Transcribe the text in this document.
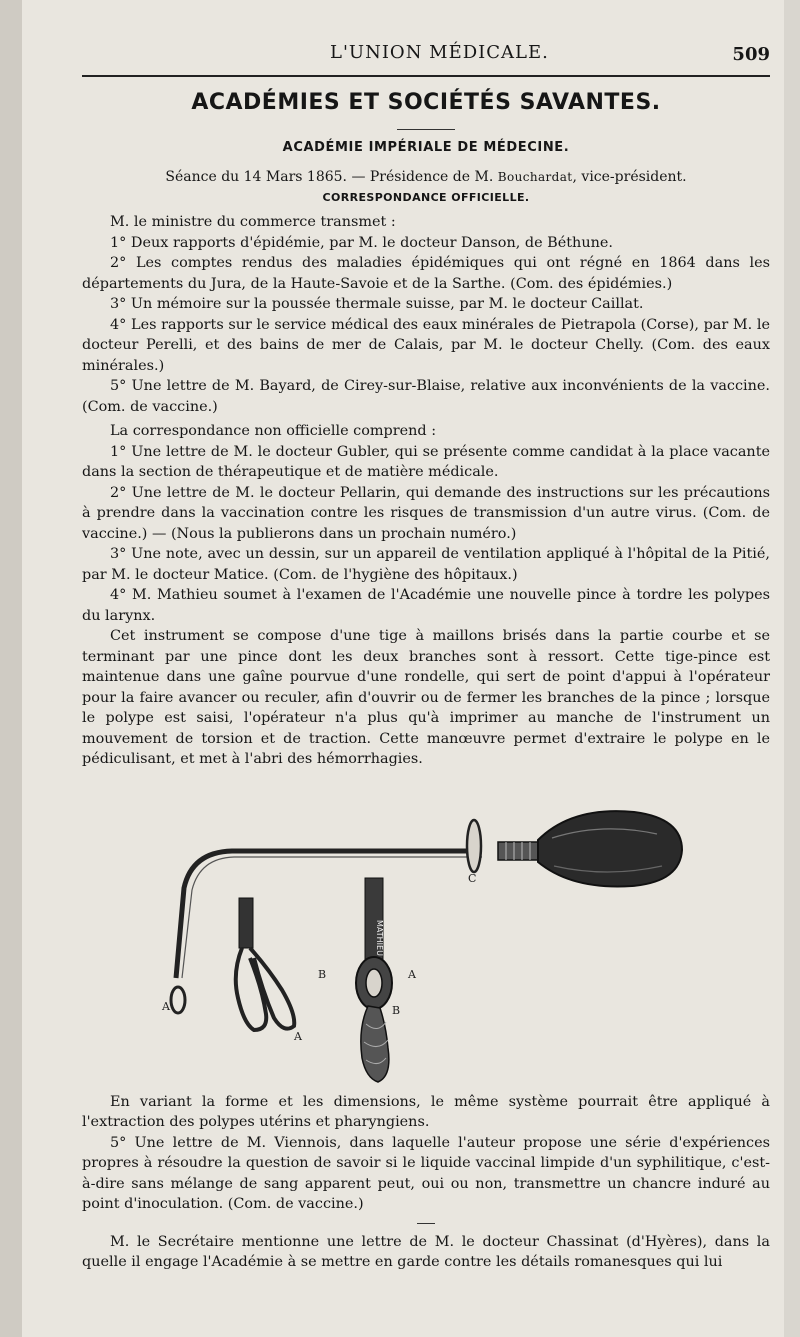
L'UNION MÉDICALE.	509
ACADÉMIES ET SOCIÉTÉS SAVANTES.
ACADÉMIE IMPÉRIALE DE MÉDECINE.
Séance du 14 Mars 1865. — Présidence de M. Bouchardat, vice-président.
CORRESPONDANCE OFFICIELLE.

M. le ministre du commerce transmet :

1° Deux rapports d'épidémie, par M. le docteur Danson, de Béthune.

2° Les comptes rendus des maladies épidémiques qui ont régné en 1864 dans les départements du Jura, de la Haute-Savoie et de la Sarthe. (Com. des épidémies.)

3° Un mémoire sur la poussée thermale suisse, par M. le docteur Caillat.

4° Les rapports sur le service médical des eaux minérales de Pietrapola (Corse), par M. le docteur Perelli, et des bains de mer de Calais, par M. le docteur Chelly. (Com. des eaux minérales.)

5° Une lettre de M. Bayard, de Cirey-sur-Blaise, relative aux inconvénients de la vaccine. (Com. de vaccine.)

La correspondance non officielle comprend :

1° Une lettre de M. le docteur Gubler, qui se présente comme candidat à la place vacante dans la section de thérapeutique et de matière médicale.

2° Une lettre de M. le docteur Pellarin, qui demande des instructions sur les précautions à prendre dans la vaccination contre les risques de transmission d'un autre virus. (Com. de vaccine.) — (Nous la publierons dans un prochain numéro.)

3° Une note, avec un dessin, sur un appareil de ventilation appliqué à l'hôpital de la Pitié, par M. le docteur Matice. (Com. de l'hygiène des hôpitaux.)

4° M. Mathieu soumet à l'examen de l'Académie une nouvelle pince à tordre les polypes du larynx.

Cet instrument se compose d'une tige à maillons brisés dans la partie courbe et se terminant par une pince dont les deux branches sont à ressort. Cette tige-pince est maintenue dans une gaîne pourvue d'une rondelle, qui sert de point d'appui à l'opérateur pour la faire avancer ou reculer, afin d'ouvrir ou de fermer les branches de la pince ; lorsque le polype est saisi, l'opérateur n'a plus qu'à imprimer au manche de l'instrument un mouvement de torsion et de traction. Cette manœuvre permet d'extraire le polype en le pédiculisant, et met à l'abri des hémorrhagies.

MATHIEU
A
B
C
A
A
B

En variant la forme et les dimensions, le même système pourrait être appliqué à l'extraction des polypes utérins et pharyngiens.

5° Une lettre de M. Viennois, dans laquelle l'auteur propose une série d'expériences propres à résoudre la question de savoir si le liquide vaccinal limpide d'un syphilitique, c'est-à-dire sans mélange de sang apparent peut, oui ou non, transmettre un chancre induré au point d'inoculation. (Com. de vaccine.)

M. le Secrétaire mentionne une lettre de M. le docteur Chassinat (d'Hyères), dans la quelle il engage l'Académie à se mettre en garde contre les détails romanesques qui lui
